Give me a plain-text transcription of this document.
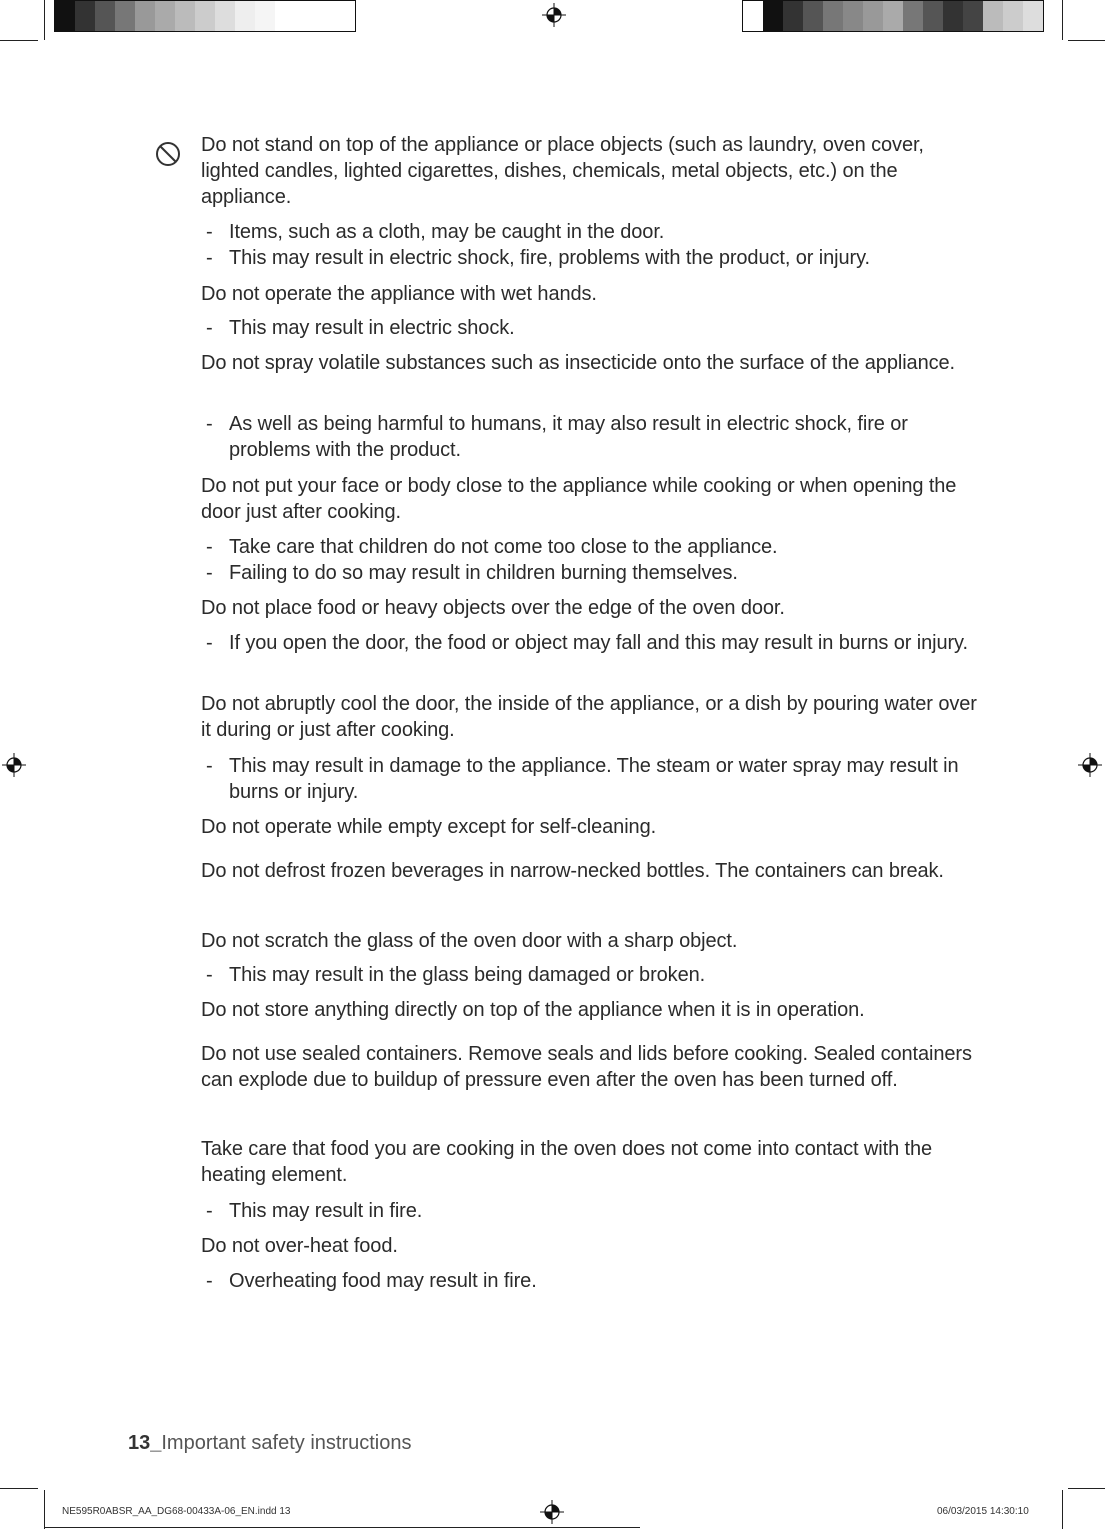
Do not stand on top of the appliance or place objects (such as laundry, oven cover, lighted candles, lighted cigarettes, dishes, chemicals, metal objects, etc.) on the appliance.

- Items, such as a cloth, may be caught in the door.

- This may result in electric shock, fire, problems with the product, or injury.

Do not operate the appliance with wet hands.

- This may result in electric shock.

Do not spray volatile substances such as insecticide onto the surface of the appliance.

- As well as being harmful to humans, it may also result in electric shock, fire or problems with the product.

Do not put your face or body close to the appliance while cooking or when opening the door just after cooking.

- Take care that children do not come too close to the appliance.

- Failing to do so may result in children burning themselves.

Do not place food or heavy objects over the edge of the oven door.

- If you open the door, the food or object may fall and this may result in burns or injury.

Do not abruptly cool the door, the inside of the appliance, or a dish by pouring water over it during or just after cooking.

- This may result in damage to the appliance. The steam or water spray may result in burns or injury.

Do not operate while empty except for self-cleaning.

Do not defrost frozen beverages in narrow-necked bottles. The containers can break.

Do not scratch the glass of the oven door with a sharp object.

- This may result in the glass being damaged or broken.

Do not store anything directly on top of the appliance when it is in operation.

Do not use sealed containers. Remove seals and lids before cooking. Sealed containers can explode due to buildup of pressure even after the oven has been turned off.

Take care that food you are cooking in the oven does not come into contact with the heating element.

- This may result in fire.

Do not over-heat food.

- Overheating food may result in fire.

13_Important safety instructions
NE595R0ABSR_AA_DG68-00433A-06_EN.indd 13	06/03/2015 14:30:10
